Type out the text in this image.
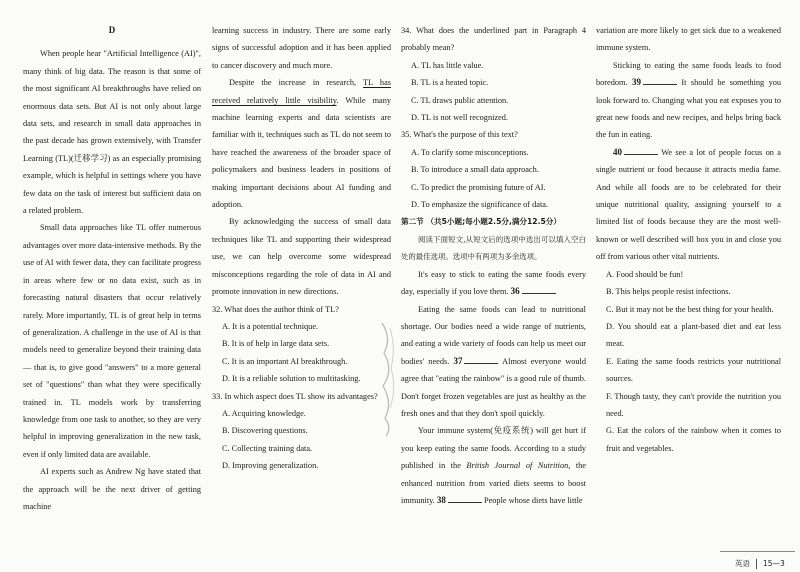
D

When people hear "Artificial Intelligence (AI)", many think of big data. The reason is that some of the most significant AI breakthroughs have relied on enormous data sets. But AI is not only about large data sets, and research in small data approaches in the past decade has grown extensively, with Transfer Learning (TL)(迁移学习) as an especially promising example, which is helpful in settings where you have few data on the task of interest but sufficient data on a related problem.

Small data approaches like TL offer numerous advantages over more data-intensive methods. By the use of AI with fewer data, they can facilitate progress in areas where few or no data exist, such as in forecasting natural disasters that occur relatively rarely. More importantly, TL is of great help in terms of generalization. A challenge in the use of AI is that models need to generalize beyond their training data — that is, to give good "answers" to a more general set of "questions" than what they were specifically trained in. TL models work by transferring knowledge from one task to another, so they are very helpful in improving generalization in the new task, even if only limited data are available.

AI experts such as Andrew Ng have stated that the approach will be the next driver of getting machine

learning success in industry. There are some early signs of successful adoption and it has been applied to cancer discovery and much more.

Despite the increase in research, TL has received relatively little visibility. While many machine learning experts and data scientists are familiar with it, techniques such as TL do not seem to have reached the awareness of the broader space of policymakers and business leaders in positions of making important decisions about AI funding and adoption.

By acknowledging the success of small data techniques like TL and supporting their widespread use, we can help overcome some widespread misconceptions regarding the role of data in AI and promote innovation in new directions.

32. What does the author think of TL?

A. It is a potential technique.

B. It is of help in large data sets.

C. It is an important AI breakthrough.

D. It is a reliable solution to multitasking.

33. In which aspect does TL show its advantages?

A. Acquiring knowledge.

B. Discovering questions.

C. Collecting training data.

D. Improving generalization.

34. What does the underlined part in Paragraph 4 probably mean?

A. TL has little value.

B. TL is a heated topic.

C. TL draws public attention.

D. TL is not well recognized.

35. What's the purpose of this text?

A. To clarify some misconceptions.

B. To introduce a small data approach.

C. To predict the promising future of AI.

D. To emphasize the significance of data.

第二节 （共5小题;每小题2.5分,满分12.5分）

阅读下面短文,从短文后的选项中选出可以填入空白处的最佳选项。选项中有两项为多余选项。

It's easy to stick to eating the same foods every day, especially if you love them. 36

Eating the same foods can lead to nutritional shortage. Our bodies need a wide range of nutrients, and eating a wide variety of foods can help us meet our bodies' needs. 37	Almost everyone would agree that "eating the rainbow" is a good rule of thumb. Don't forget frozen vegetables are just as healthy as the fresh ones and that they don't spoil quickly.

Your immune system(免疫系统) will get hurt if you keep eating the same foods. According to a study published in the British Journal of Nutrition, the enhanced nutrition from varied diets seems to boost immunity. 38	People whose diets have little

variation are more likely to get sick due to a weakened immune system.

Sticking to eating the same foods leads to food boredom. 39	It should be something you look forward to. Changing what you eat exposes you to great new foods and new recipes, and helps bring back the fun in eating.

40	We see a lot of people focus on a single nutrient or food because it attracts media fame. And while all foods are to be celebrated for their unique nutritional quality, assigning yourself to a limited list of foods because they are the most well-known or well described will box you in and close you off from various other vital nutrients.

A. Food should be fun!

B. This helps people resist infections.

C. But it may not be the best thing for your health.

D. You should eat a plant-based diet and eat less meat.

E. Eating the same foods restricts your nutritional sources.

F. Though tasty, they can't provide the nutrition you need.

G. Eat the colors of the rainbow when it comes to fruit and vegetables.

英语 15—3
